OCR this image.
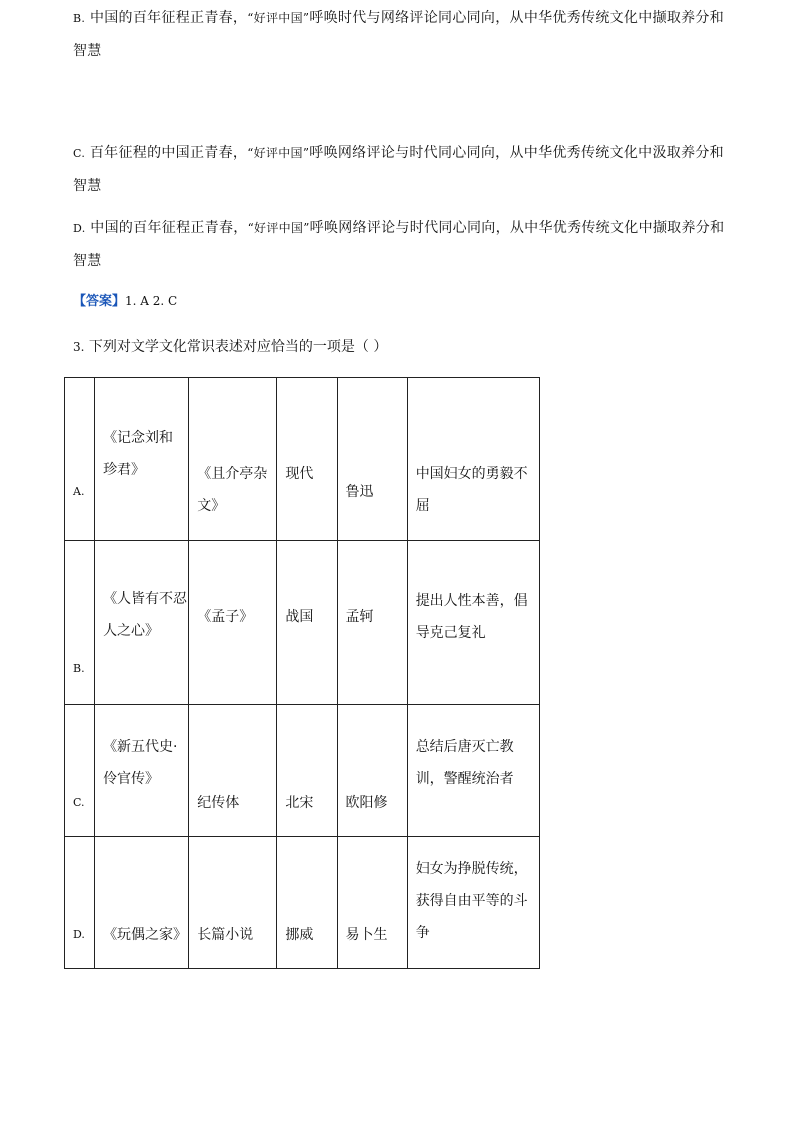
B. 中国的百年征程正青春，“好评中国”呼唤时代与网络评论同心同向，从中华优秀传统文化中撷取养分和智慧
C. 百年征程的中国正青春，“好评中国”呼唤网络评论与时代同心同向，从中华优秀传统文化中汲取养分和智慧
D. 中国的百年征程正青春，“好评中国”呼唤网络评论与时代同心同向，从中华优秀传统文化中撷取养分和智慧
【答案】1. A 2. C
3. 下列对文学文化常识表述对应恰当的一项是（ ）
A.	《记念刘和珍君》	《且介亭杂文》	现代	鲁迅	中国妇女的勇毅不屈

B.	《人皆有不忍人之心》	《孟子》	战国	孟轲	提出人性本善，倡导克己复礼

C.	《新五代史·伶官传》	纪传体	北宋	欧阳修	总结后唐灭亡教训，警醒统治者

D.	《玩偶之家》	长篇小说	挪威	易卜生	妇女为挣脱传统，获得自由平等的斗争
